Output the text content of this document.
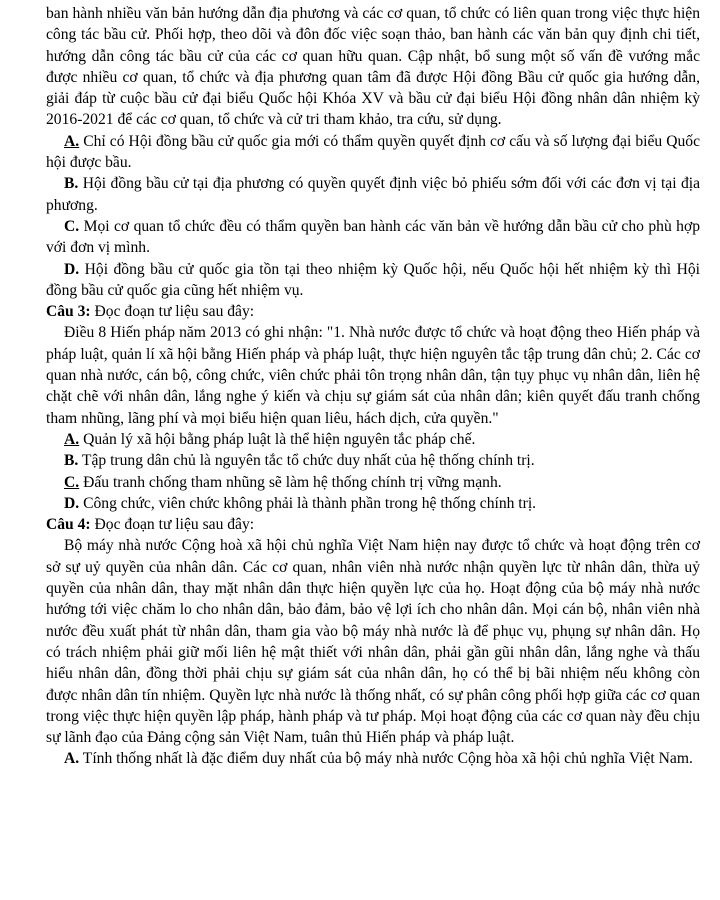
ban hành nhiều văn bản hướng dẫn địa phương và các cơ quan, tổ chức có liên quan trong việc thực hiện công tác bầu cử. Phối hợp, theo dõi và đôn đốc việc soạn thảo, ban hành các văn bản quy định chi tiết, hướng dẫn công tác bầu cử của các cơ quan hữu quan. Cập nhật, bổ sung một số vấn đề vướng mắc được nhiều cơ quan, tổ chức và địa phương quan tâm đã được Hội đồng Bầu cử quốc gia hướng dẫn, giải đáp từ cuộc bầu cử đại biểu Quốc hội Khóa XV và bầu cử đại biểu Hội đồng nhân dân nhiệm kỳ 2016-2021 để các cơ quan, tổ chức và cử tri tham khảo, tra cứu, sử dụng.

A. Chỉ có Hội đồng bầu cử quốc gia mới có thẩm quyền quyết định cơ cấu và số lượng đại biểu Quốc hội được bầu.

B. Hội đồng bầu cử tại địa phương có quyền quyết định việc bỏ phiếu sớm đối với các đơn vị tại địa phương.

C. Mọi cơ quan tổ chức đều có thẩm quyền ban hành các văn bản về hướng dẫn bầu cử cho phù hợp với đơn vị mình.

D. Hội đồng bầu cử quốc gia tồn tại theo nhiệm kỳ Quốc hội, nếu Quốc hội hết nhiệm kỳ thì Hội đồng bầu cử quốc gia cũng hết nhiệm vụ.

Câu 3: Đọc đoạn tư liệu sau đây:

Điều 8 Hiến pháp năm 2013 có ghi nhận: "1. Nhà nước được tổ chức và hoạt động theo Hiến pháp và pháp luật, quản lí xã hội bằng Hiến pháp và pháp luật, thực hiện nguyên tắc tập trung dân chủ; 2. Các cơ quan nhà nước, cán bộ, công chức, viên chức phải tôn trọng nhân dân, tận tụy phục vụ nhân dân, liên hệ chặt chẽ với nhân dân, lắng nghe ý kiến và chịu sự giám sát của nhân dân; kiên quyết đấu tranh chống tham nhũng, lãng phí và mọi biểu hiện quan liêu, hách dịch, cửa quyền."

A. Quản lý xã hội bằng pháp luật là thể hiện nguyên tắc pháp chế.

B. Tập trung dân chủ là nguyên tắc tổ chức duy nhất của hệ thống chính trị.

C. Đấu tranh chống tham nhũng sẽ làm hệ thống chính trị vững mạnh.

D. Công chức, viên chức không phải là thành phần trong hệ thống chính trị.

Câu 4: Đọc đoạn tư liệu sau đây:

Bộ máy nhà nước Cộng hoà xã hội chủ nghĩa Việt Nam hiện nay được tổ chức và hoạt động trên cơ sở sự uỷ quyền của nhân dân. Các cơ quan, nhân viên nhà nước nhận quyền lực từ nhân dân, thừa uỷ quyền của nhân dân, thay mặt nhân dân thực hiện quyền lực của họ. Hoạt động của bộ máy nhà nước hướng tới việc chăm lo cho nhân dân, bảo đảm, bảo vệ lợi ích cho nhân dân. Mọi cán bộ, nhân viên nhà nước đều xuất phát từ nhân dân, tham gia vào bộ máy nhà nước là để phục vụ, phụng sự nhân dân. Họ có trách nhiệm phải giữ mối liên hệ mật thiết với nhân dân, phải gần gũi nhân dân, lắng nghe và thấu hiểu nhân dân, đồng thời phải chịu sự giám sát của nhân dân, họ có thể bị bãi nhiệm nếu không còn được nhân dân tín nhiệm. Quyền lực nhà nước là thống nhất, có sự phân công phối hợp giữa các cơ quan trong việc thực hiện quyền lập pháp, hành pháp và tư pháp. Mọi hoạt động của các cơ quan này đều chịu sự lãnh đạo của Đảng cộng sản Việt Nam, tuân thủ Hiến pháp và pháp luật.

A. Tính thống nhất là đặc điểm duy nhất của bộ máy nhà nước Cộng hòa xã hội chủ nghĩa Việt Nam.
